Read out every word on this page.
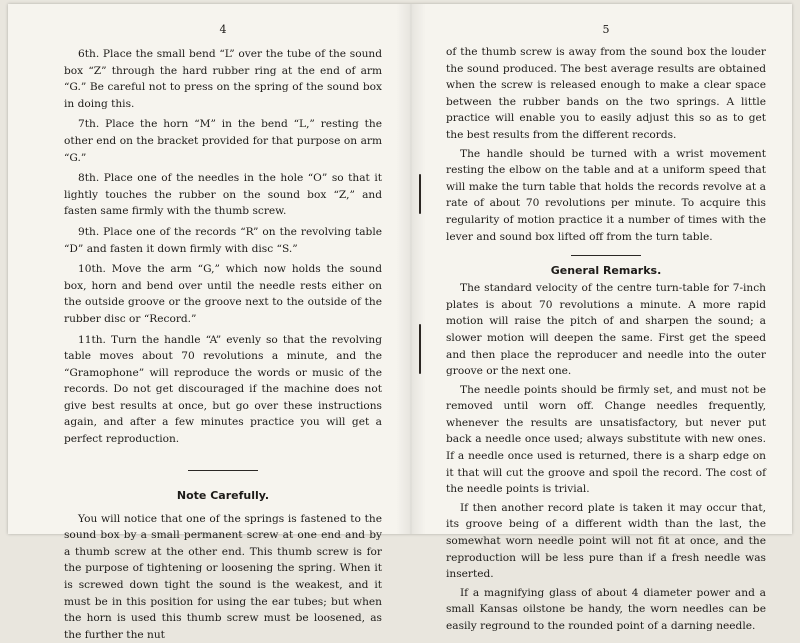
4

6th. Place the small bend “L” over the tube of the sound box “Z” through the hard rubber ring at the end of arm “G.” Be careful not to press on the spring of the sound box in doing this.

7th. Place the horn “M” in the bend “L,” resting the other end on the bracket provided for that purpose on arm “G.”

8th. Place one of the needles in the hole “O” so that it lightly touches the rubber on the sound box “Z,” and fasten same firmly with the thumb screw.

9th. Place one of the records “R” on the revolving table “D” and fasten it down firmly with disc “S.”

10th. Move the arm “G,” which now holds the sound box, horn and bend over until the needle rests either on the outside groove or the groove next to the outside of the rubber disc or “Record.”

11th. Turn the handle “A” evenly so that the revolving table moves about 70 revolutions a minute, and the “Gramophone” will reproduce the words or music of the records. Do not get discouraged if the machine does not give best results at once, but go over these instructions again, and after a few minutes practice you will get a perfect reproduction.

Note Carefully.

You will notice that one of the springs is fastened to the sound box by a small permanent screw at one end and by a thumb screw at the other end. This thumb screw is for the purpose of tightening or loosening the spring. When it is screwed down tight the sound is the weakest, and it must be in this position for using the ear tubes; but when the horn is used this thumb screw must be loosened, as the further the nut

5

of the thumb screw is away from the sound box the louder the sound produced. The best average results are obtained when the screw is released enough to make a clear space between the rubber bands on the two springs. A little practice will enable you to easily adjust this so as to get the best results from the different records.

The handle should be turned with a wrist movement resting the elbow on the table and at a uniform speed that will make the turn table that holds the records revolve at a rate of about 70 revolutions per minute. To acquire this regularity of motion practice it a number of times with the lever and sound box lifted off from the turn table.

General Remarks.

The standard velocity of the centre turn-table for 7-inch plates is about 70 revolutions a minute. A more rapid motion will raise the pitch of and sharpen the sound; a slower motion will deepen the same. First get the speed and then place the reproducer and needle into the outer groove or the next one.

The needle points should be firmly set, and must not be removed until worn off. Change needles frequently, whenever the results are unsatisfactory, but never put back a needle once used; always substitute with new ones. If a needle once used is returned, there is a sharp edge on it that will cut the groove and spoil the record. The cost of the needle points is trivial.

If then another record plate is taken it may occur that, its groove being of a different width than the last, the somewhat worn needle point will not fit at once, and the reproduction will be less pure than if a fresh needle was inserted.

If a magnifying glass of about 4 diameter power and a small Kansas oilstone be handy, the worn needles can be easily reground to the rounded point of a darning needle.
